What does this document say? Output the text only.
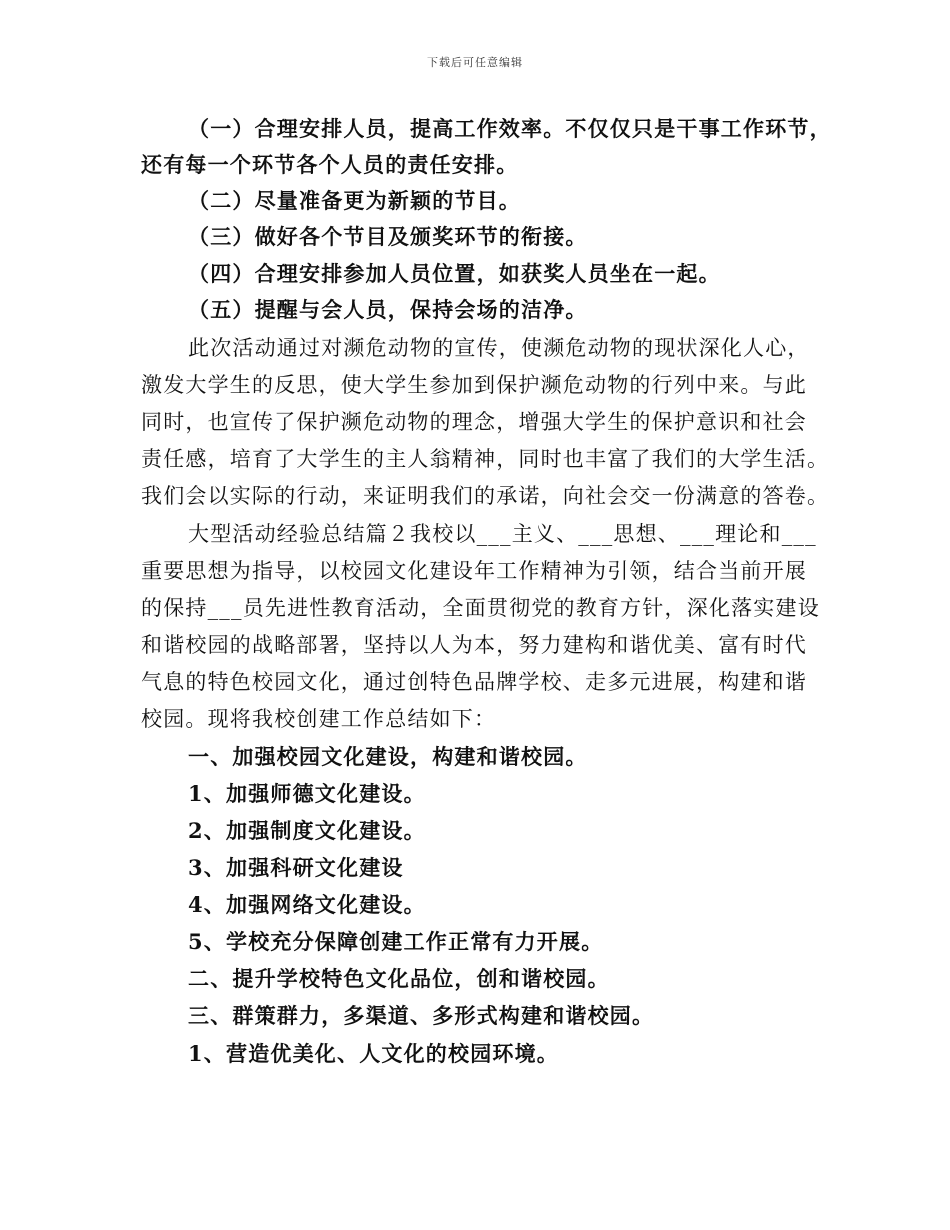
下载后可任意编辑
（一）合理安排人员，提高工作效率。不仅仅只是干事工作环节，
还有每一个环节各个人员的责任安排。
（二）尽量准备更为新颖的节目。
（三）做好各个节目及颁奖环节的衔接。
（四）合理安排参加人员位置，如获奖人员坐在一起。
（五）提醒与会人员，保持会场的洁净。
此次活动通过对濒危动物的宣传，使濒危动物的现状深化人心，
激发大学生的反思，使大学生参加到保护濒危动物的行列中来。与此
同时，也宣传了保护濒危动物的理念，增强大学生的保护意识和社会
责任感，培育了大学生的主人翁精神，同时也丰富了我们的大学生活。
我们会以实际的行动，来证明我们的承诺，向社会交一份满意的答卷。
大型活动经验总结篇２我校以___主义、___思想、___理论和___
重要思想为指导，以校园文化建设年工作精神为引领，结合当前开展
的保持___员先进性教育活动，全面贯彻党的教育方针，深化落实建设
和谐校园的战略部署，坚持以人为本，努力建构和谐优美、富有时代
气息的特色校园文化，通过创特色品牌学校、走多元进展，构建和谐
校园。现将我校创建工作总结如下：
一、加强校园文化建设，构建和谐校园。
1、加强师德文化建设。
2、加强制度文化建设。
3、加强科研文化建设
4、加强网络文化建设。
5、学校充分保障创建工作正常有力开展。
二、提升学校特色文化品位，创和谐校园。
三、群策群力，多渠道、多形式构建和谐校园。
1、营造优美化、人文化的校园环境。
